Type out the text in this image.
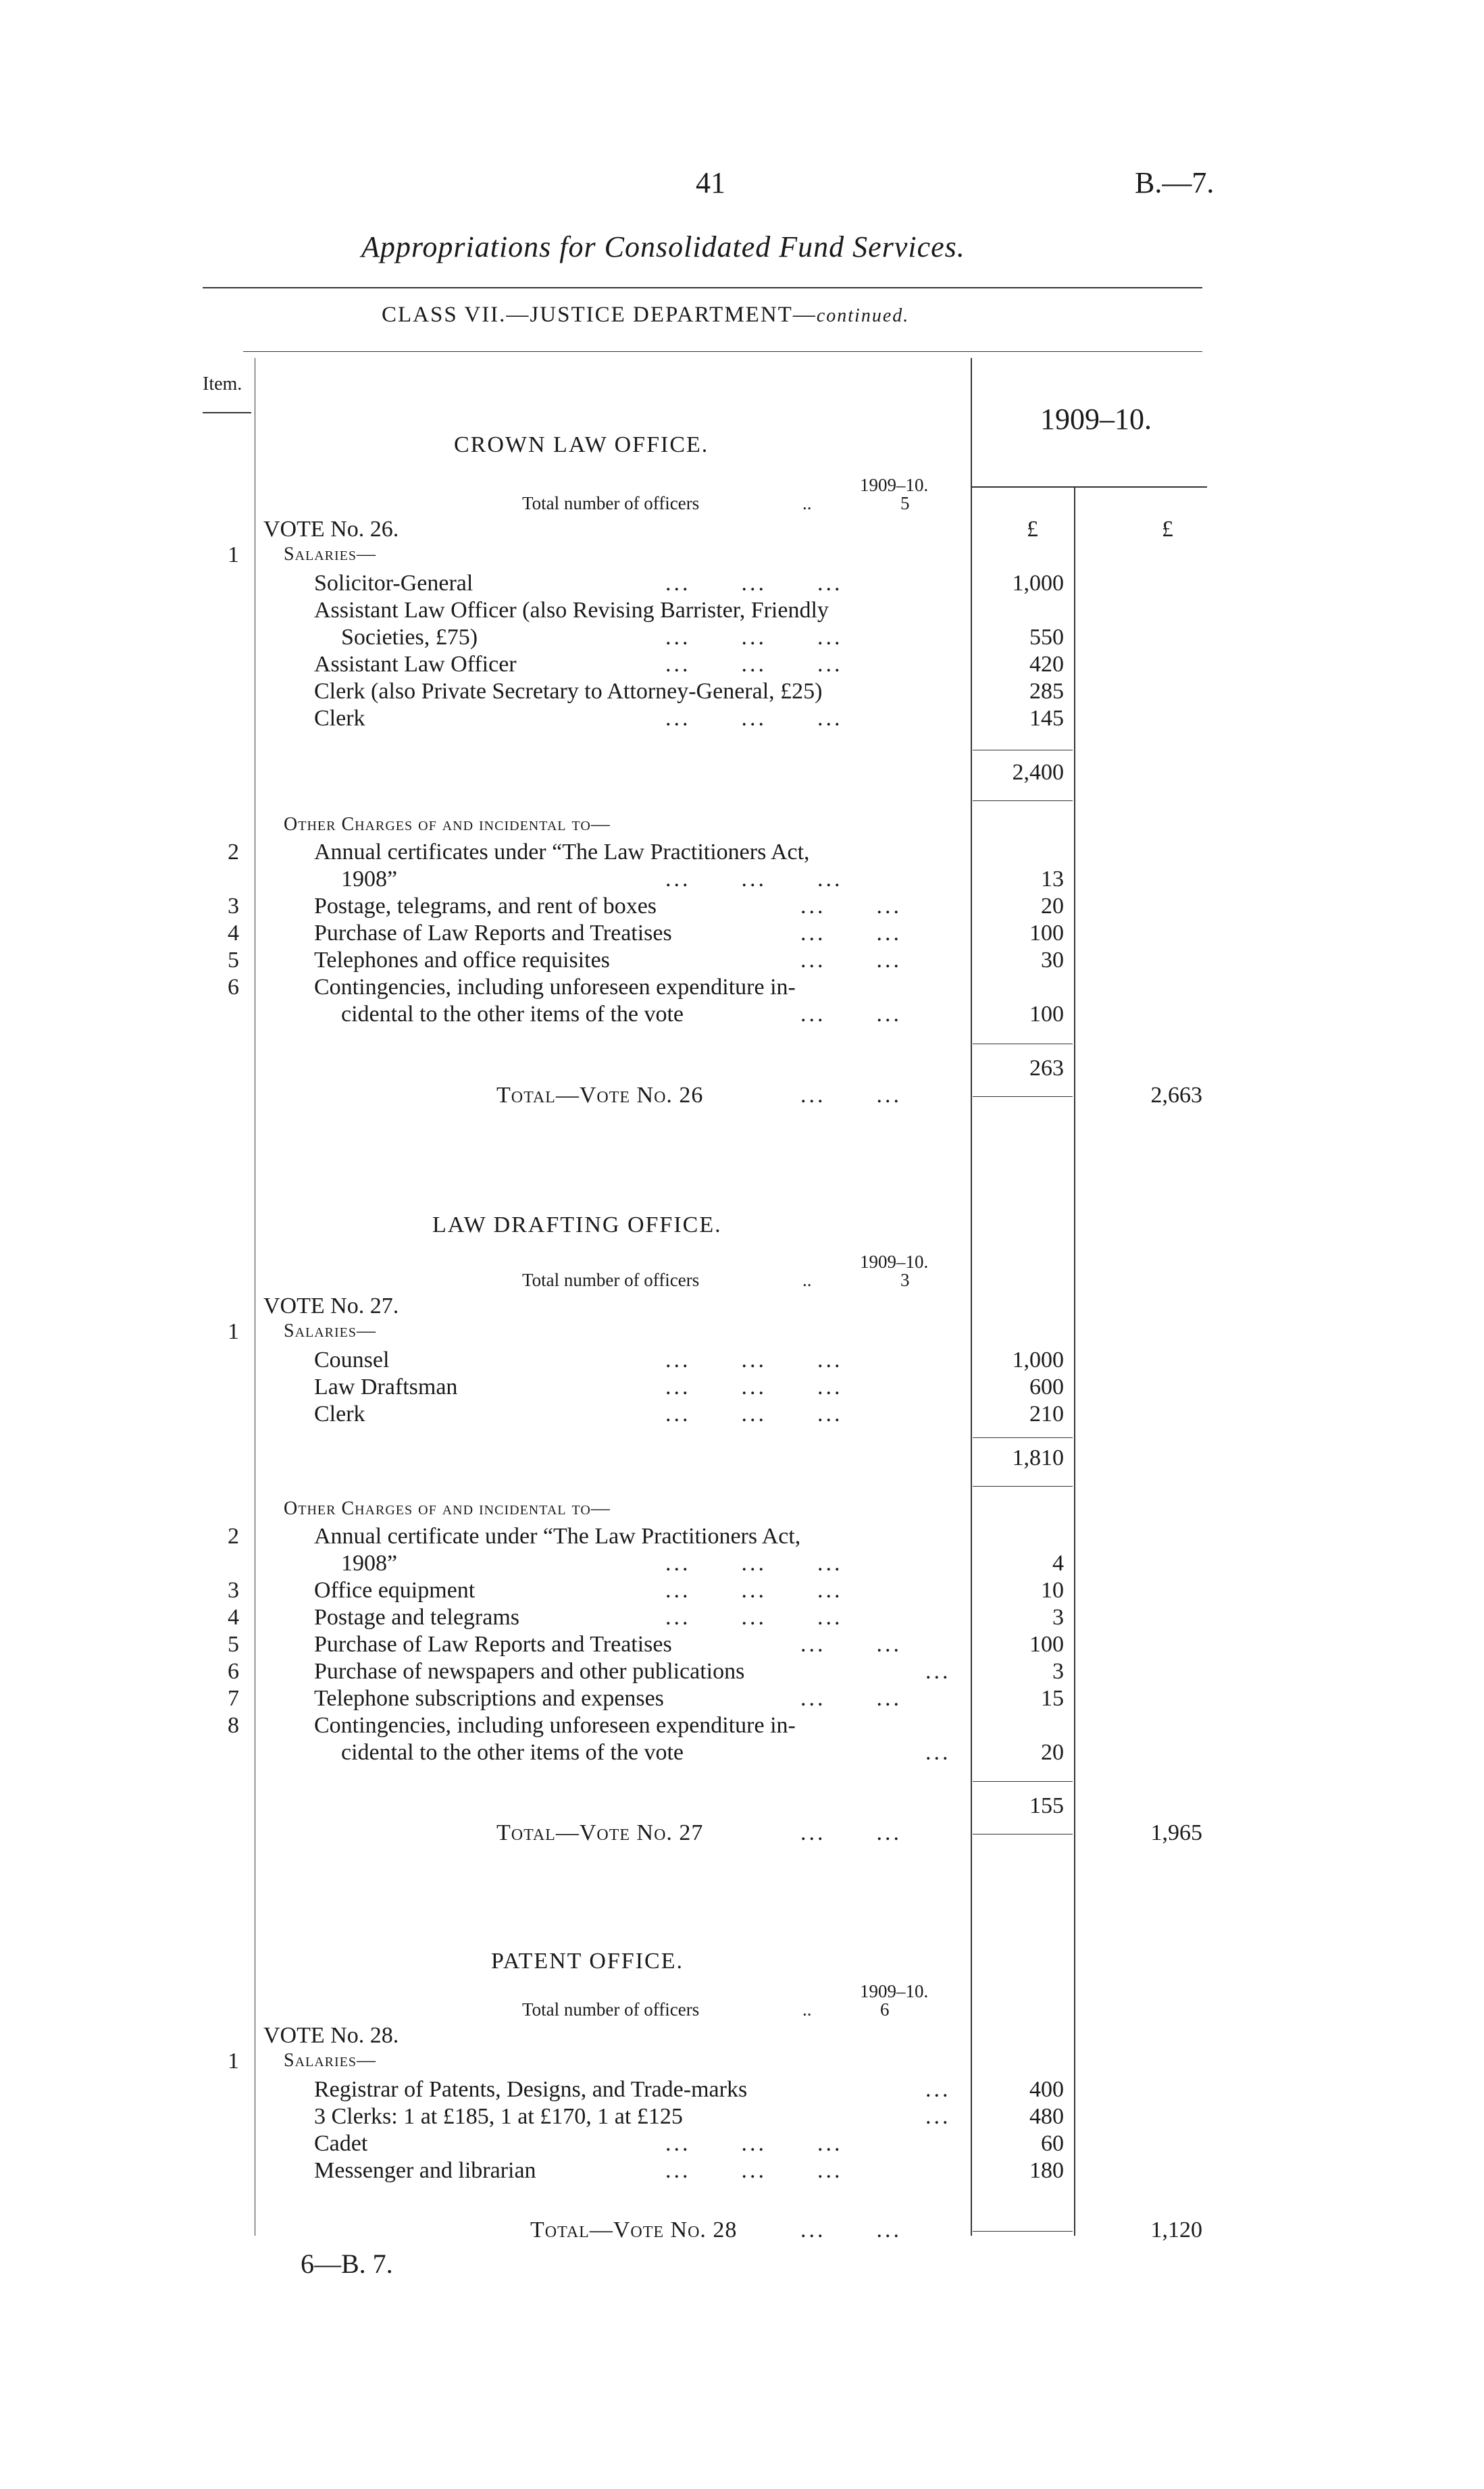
41	B.—7.
Appropriations for Consolidated Fund Services.
CLASS VII.—JUSTICE DEPARTMENT—continued.
Item.
1909–10.
CROWN LAW OFFICE.
1909–10.
Total number of officers	..	5
VOTE No. 26.	£	£
1 Salaries—
Solicitor-General	...      ...      ...	1,000
Assistant Law Officer (also Revising Barrister, Friendly
Societies, £75)	...      ...      ...	550
Assistant Law Officer	...      ...      ...	420
Clerk (also Private Secretary to Attorney-General, £25)	285
Clerk	...      ...      ...	145
2,400
Other Charges of and incidental to—
2	Annual certificates under “The Law Practitioners Act,
1908”	...      ...      ...	13
3	Postage, telegrams, and rent of boxes	...      ...	20
4	Purchase of Law Reports and Treatises	...      ...	100
5	Telephones and office requisites	...      ...	30
6	Contingencies, including unforeseen expenditure in-
cidental to the other items of the vote	...      ...	100
263
Total—Vote No. 26	...      ...	2,663
LAW DRAFTING OFFICE.
1909–10.
Total number of officers	..	3
VOTE No. 27.
1 Salaries—
Counsel	...      ...      ...	1,000
Law Draftsman	...      ...      ...	600
Clerk	...      ...      ...	210
1,810
Other Charges of and incidental to—
2	Annual certificate under “The Law Practitioners Act,
1908”	...      ...      ...	4
3	Office equipment	...      ...      ...	10
4	Postage and telegrams	...      ...      ...	3
5	Purchase of Law Reports and Treatises	...      ...	100
6	Purchase of newspapers and other publications	...	3
7	Telephone subscriptions and expenses	...      ...	15
8	Contingencies, including unforeseen expenditure in-
cidental to the other items of the vote	...	20
155
Total—Vote No. 27	...      ...	1,965
PATENT OFFICE.
1909–10.
Total number of officers	..	6
VOTE No. 28.
1 Salaries—
Registrar of Patents, Designs, and Trade-marks	...	400
3 Clerks: 1 at £185, 1 at £170, 1 at £125	...	480
Cadet	...      ...      ...	60
Messenger and librarian	...      ...      ...	180
Total—Vote No. 28	...      ...	1,120
6—B. 7.
